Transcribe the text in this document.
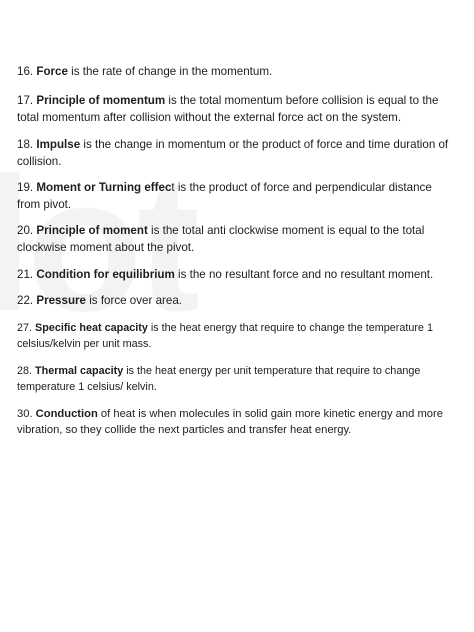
16. Force is the rate of change in the momentum.

17. Principle of momentum is the total momentum before collision is equal to the total momentum after collision without the external force act on the system.

18. Impulse is the change in momentum or the product of force and time duration of collision.

19. Moment or Turning effect is the product of force and perpendicular distance from pivot.

20. Principle of moment is the total anti clockwise moment is equal to the total clockwise moment about the pivot.

21. Condition for equilibrium is the no resultant force and no resultant moment.

22. Pressure is force over area.

27. Specific heat capacity is the heat energy that require to change the temperature 1 celsius/kelvin per unit mass.

28. Thermal capacity is the heat energy per unit temperature that require to change temperature 1 celsius/ kelvin.

30. Conduction of heat is when molecules in solid gain more kinetic energy and more vibration, so they collide the next particles and transfer heat energy.
